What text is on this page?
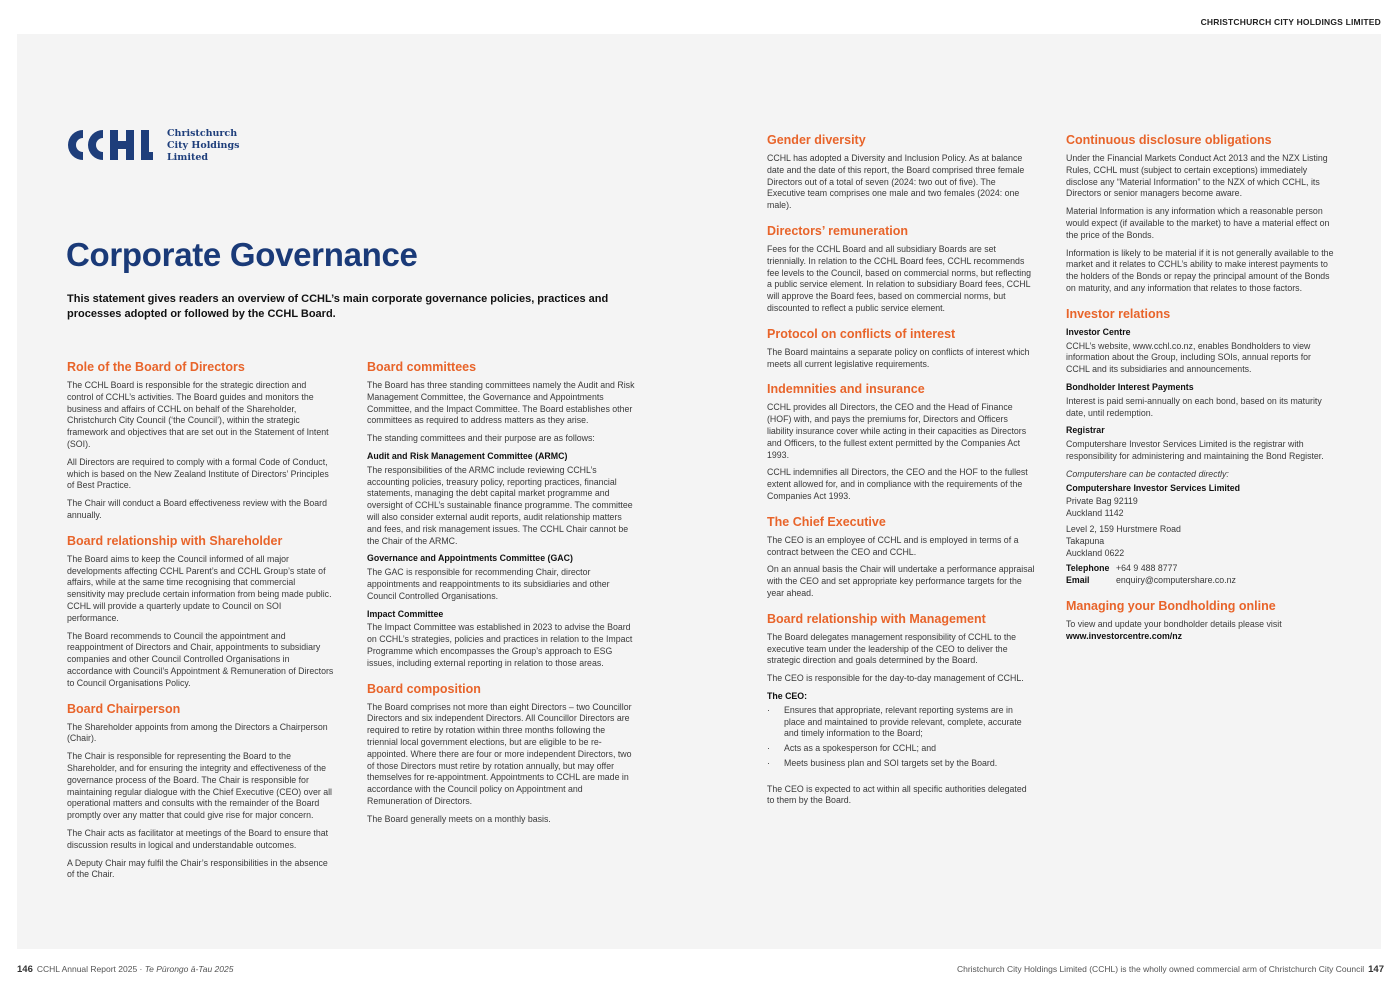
CHRISTCHURCH CITY HOLDINGS LIMITED
Christchurch
City Holdings
Limited
Corporate Governance
This statement gives readers an overview of CCHL’s main corporate governance policies, practices and processes adopted or followed by the CCHL Board.
Role of the Board of Directors

The CCHL Board is responsible for the strategic direction and control of CCHL’s activities. The Board guides and monitors the business and affairs of CCHL on behalf of the Shareholder, Christchurch City Council (‘the Council’), within the strategic framework and objectives that are set out in the Statement of Intent (SOI).

All Directors are required to comply with a formal Code of Conduct, which is based on the New Zealand Institute of Directors’ Principles of Best Practice.

The Chair will conduct a Board effectiveness review with the Board annually.

Board relationship with Shareholder

The Board aims to keep the Council informed of all major developments affecting CCHL Parent’s and CCHL Group’s state of affairs, while at the same time recognising that commercial sensitivity may preclude certain information from being made public. CCHL will provide a quarterly update to Council on SOI performance.

The Board recommends to Council the appointment and reappointment of Directors and Chair, appointments to subsidiary companies and other Council Controlled Organisations in accordance with Council’s Appointment & Remuneration of Directors to Council Organisations Policy.

Board Chairperson

The Shareholder appoints from among the Directors a Chairperson (Chair).

The Chair is responsible for representing the Board to the Shareholder, and for ensuring the integrity and effectiveness of the governance process of the Board. The Chair is responsible for maintaining regular dialogue with the Chief Executive (CEO) over all operational matters and consults with the remainder of the Board promptly over any matter that could give rise for major concern.

The Chair acts as facilitator at meetings of the Board to ensure that discussion results in logical and understandable outcomes.

A Deputy Chair may fulfil the Chair’s responsibilities in the absence of the Chair.

Board committees

The Board has three standing committees namely the Audit and Risk Management Committee, the Governance and Appointments Committee, and the Impact Committee. The Board establishes other committees as required to address matters as they arise.

The standing committees and their purpose are as follows:

Audit and Risk Management Committee (ARMC)

The responsibilities of the ARMC include reviewing CCHL’s accounting policies, treasury policy, reporting practices, financial statements, managing the debt capital market programme and oversight of CCHL’s sustainable finance programme. The committee will also consider external audit reports, audit relationship matters and fees, and risk management issues. The CCHL Chair cannot be the Chair of the ARMC.

Governance and Appointments Committee (GAC)

The GAC is responsible for recommending Chair, director appointments and reappointments to its subsidiaries and other Council Controlled Organisations.

Impact Committee

The Impact Committee was established in 2023 to advise the Board on CCHL’s strategies, policies and practices in relation to the Impact Programme which encompasses the Group’s approach to ESG issues, including external reporting in relation to those areas.

Board composition

The Board comprises not more than eight Directors – two Councillor Directors and six independent Directors. All Councillor Directors are required to retire by rotation within three months following the triennial local government elections, but are eligible to be re-appointed. Where there are four or more independent Directors, two of those Directors must retire by rotation annually, but may offer themselves for re-appointment. Appointments to CCHL are made in accordance with the Council policy on Appointment and Remuneration of Directors.

The Board generally meets on a monthly basis.

Gender diversity

CCHL has adopted a Diversity and Inclusion Policy. As at balance date and the date of this report, the Board comprised three female Directors out of a total of seven (2024: two out of five). The Executive team comprises one male and two females (2024: one male).

Directors’ remuneration

Fees for the CCHL Board and all subsidiary Boards are set triennially. In relation to the CCHL Board fees, CCHL recommends fee levels to the Council, based on commercial norms, but reflecting a public service element. In relation to subsidiary Board fees, CCHL will approve the Board fees, based on commercial norms, but discounted to reflect a public service element.

Protocol on conflicts of interest

The Board maintains a separate policy on conflicts of interest which meets all current legislative requirements.

Indemnities and insurance

CCHL provides all Directors, the CEO and the Head of Finance (HOF) with, and pays the premiums for, Directors and Officers liability insurance cover while acting in their capacities as Directors and Officers, to the fullest extent permitted by the Companies Act 1993.

CCHL indemnifies all Directors, the CEO and the HOF to the fullest extent allowed for, and in compliance with the requirements of the Companies Act 1993.

The Chief Executive

The CEO is an employee of CCHL and is employed in terms of a contract between the CEO and CCHL.

On an annual basis the Chair will undertake a performance appraisal with the CEO and set appropriate key performance targets for the year ahead.

Board relationship with Management

The Board delegates management responsibility of CCHL to the executive team under the leadership of the CEO to deliver the strategic direction and goals determined by the Board.

The CEO is responsible for the day-to-day management of CCHL.

The CEO:
· Ensures that appropriate, relevant reporting systems are in place and maintained to provide relevant, complete, accurate and timely information to the Board;
· Acts as a spokesperson for CCHL; and
· Meets business plan and SOI targets set by the Board.

The CEO is expected to act within all specific authorities delegated to them by the Board.

Continuous disclosure obligations

Under the Financial Markets Conduct Act 2013 and the NZX Listing Rules, CCHL must (subject to certain exceptions) immediately disclose any “Material Information” to the NZX of which CCHL, its Directors or senior managers become aware.

Material Information is any information which a reasonable person would expect (if available to the market) to have a material effect on the price of the Bonds.

Information is likely to be material if it is not generally available to the market and it relates to CCHL’s ability to make interest payments to the holders of the Bonds or repay the principal amount of the Bonds on maturity, and any information that relates to those factors.

Investor relations
Investor Centre

CCHL’s website, www.cchl.co.nz, enables Bondholders to view information about the Group, including SOIs, annual reports for CCHL and its subsidiaries and announcements.

Bondholder Interest Payments

Interest is paid semi-annually on each bond, based on its maturity date, until redemption.

Registrar

Computershare Investor Services Limited is the registrar with responsibility for administering and maintaining the Bond Register.

Computershare can be contacted directly:
Computershare Investor Services Limited
Private Bag 92119
Auckland 1142
Level 2, 159 Hurstmere Road
Takapuna
Auckland 0622
Telephone +64 9 488 8777
Email	enquiry@computershare.co.nz
Managing your Bondholding online
To view and update your bondholder details please visit
www.investorcentre.com/nz
146 CCHL Annual Report 2025 · Te Pūrongo ā-Tau 2025	Christchurch City Holdings Limited (CCHL) is the wholly owned commercial arm of Christchurch City Council 147
